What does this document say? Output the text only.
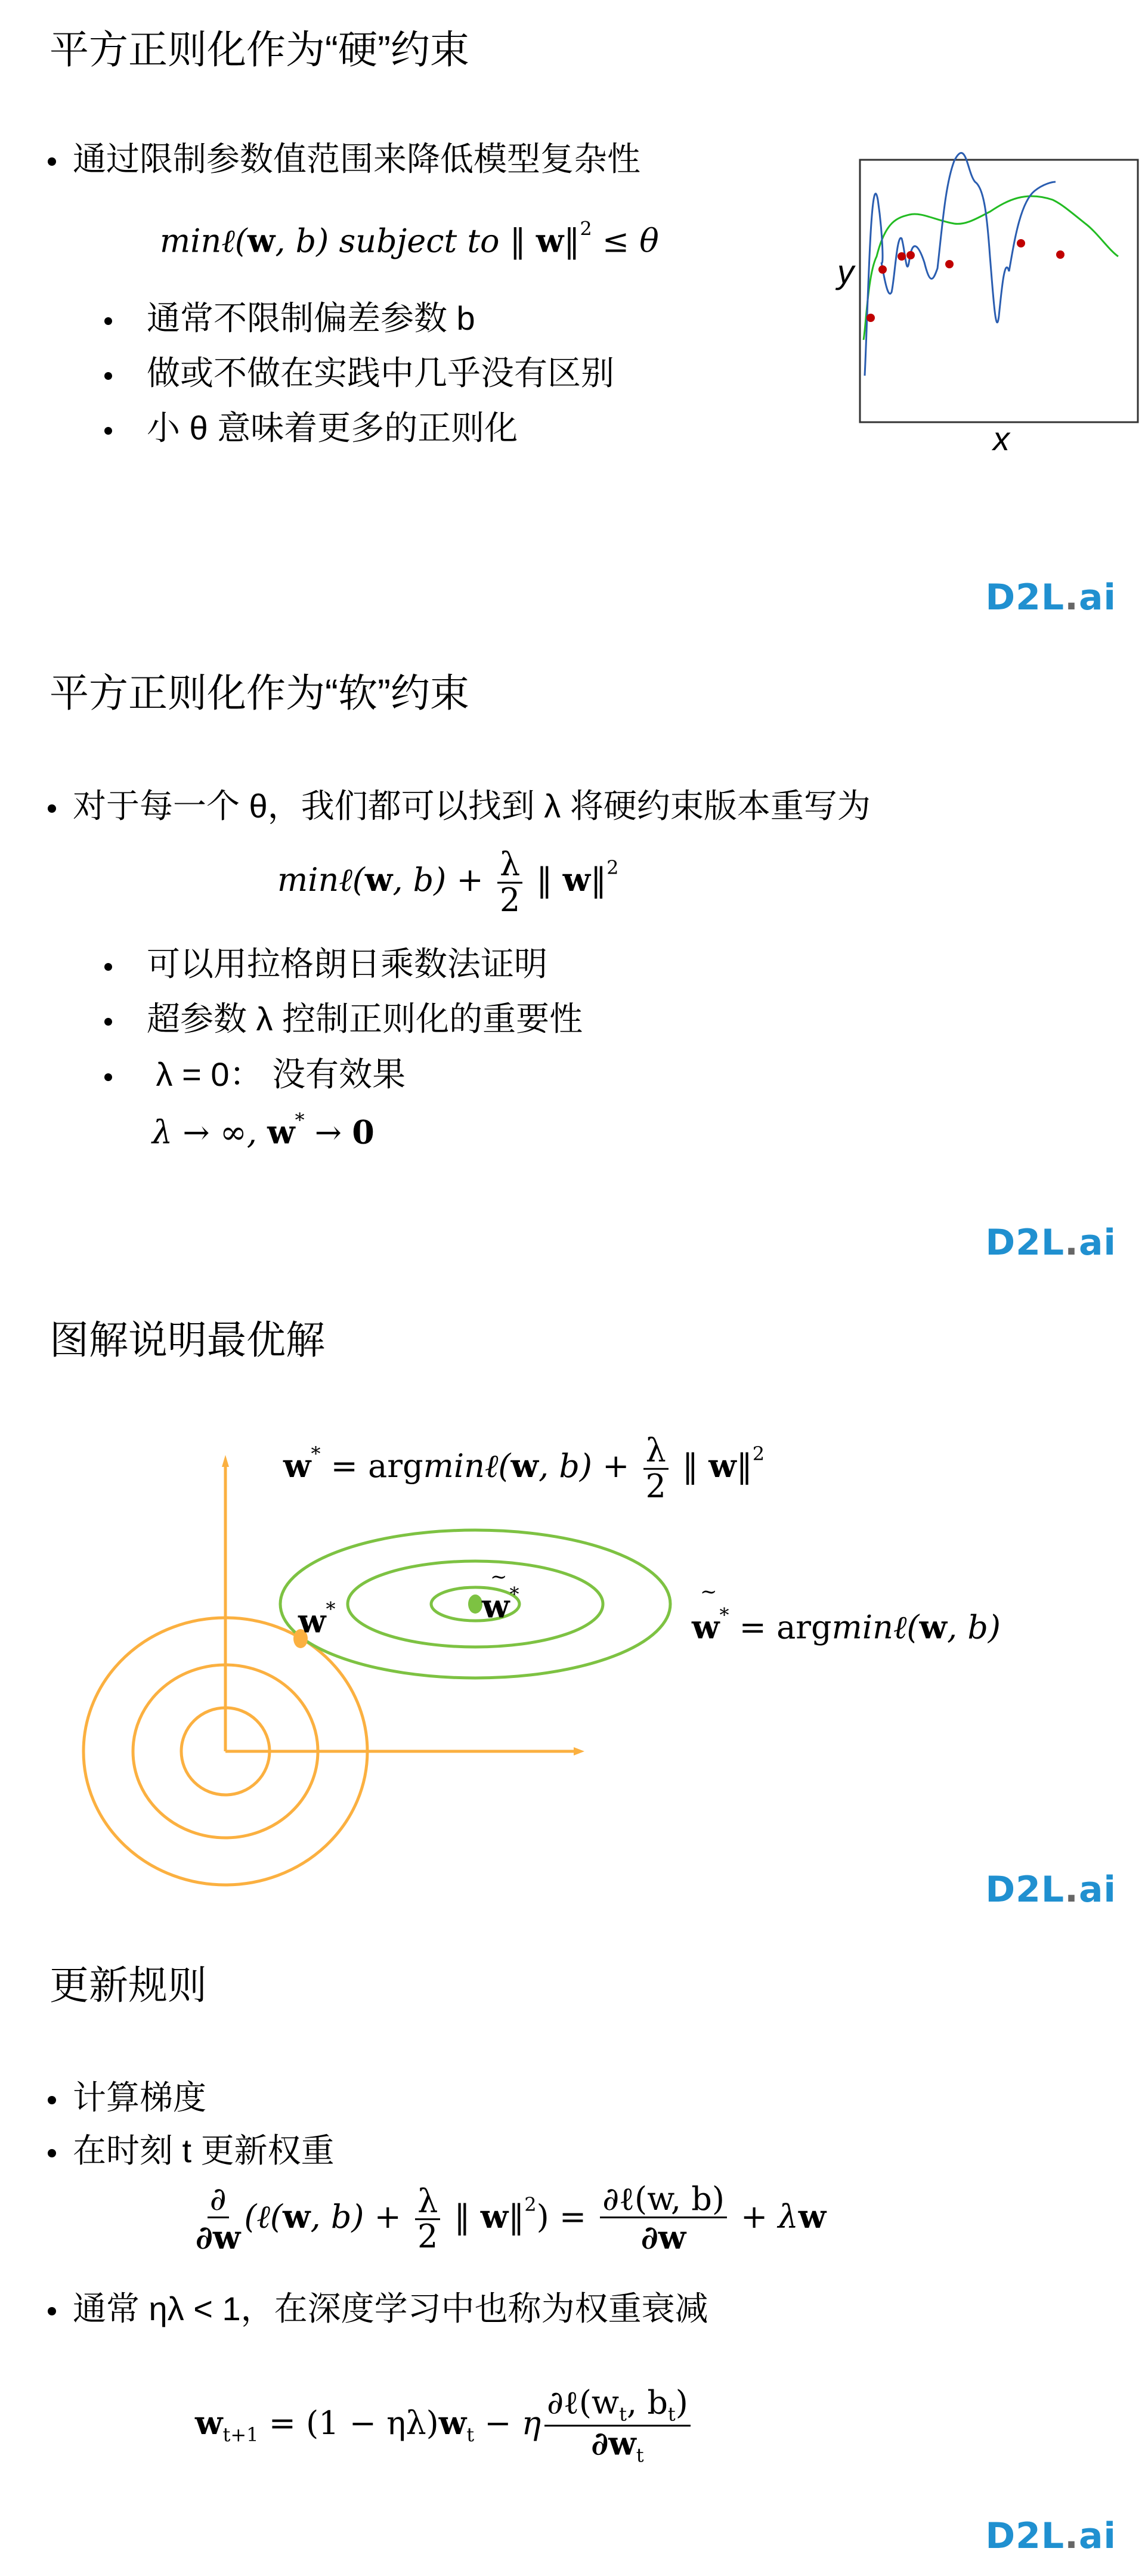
平方正则化作为“硬”约束
通过限制参数值范围来降低模型复杂性
minℓ(w, b) subject to ‖ w‖$^2$ ≤ θ
通常不限制偏差参数 b
做或不做在实践中几乎没有区别
小 θ 意味着更多的正则化
y
x
D2L.ai
平方正则化作为“软”约束
对于每一个 θ，我们都可以找到 λ 将硬约束版本重写为
minℓ(w, $b) + \frac{\lambda}{2}$ ‖ w‖$^2$
可以用拉格朗日乘数法证明
超参数 λ 控制正则化的重要性
λ = 0： 没有效果
λ → ∞, w* → 0
D2L.ai
图解说明最优解
w* = argminℓ(w, $b) + \frac{\lambda}{2}$ ‖ w‖$^2$
w*
~
w*	~
w* = argminℓ(w, b)
D2L.ai
更新规则
计算梯度
在时刻 t 更新权重
$\frac{\partial}{\partial w}$ (ℓ(w, $b) + \frac{\lambda}{2}$ ‖ w‖$^2$) = $\frac{\text{∂ℓ(w, b)}}{\partial w} + \lambda w$
通常 ηλ < 1，在深度学习中也称为权重衰减
$w_{t+1} = (1 - \eta\lambda)w_t - \eta \frac{\partial\ell(w_t, b_t)}{\partial w_t}$
D2L.ai
